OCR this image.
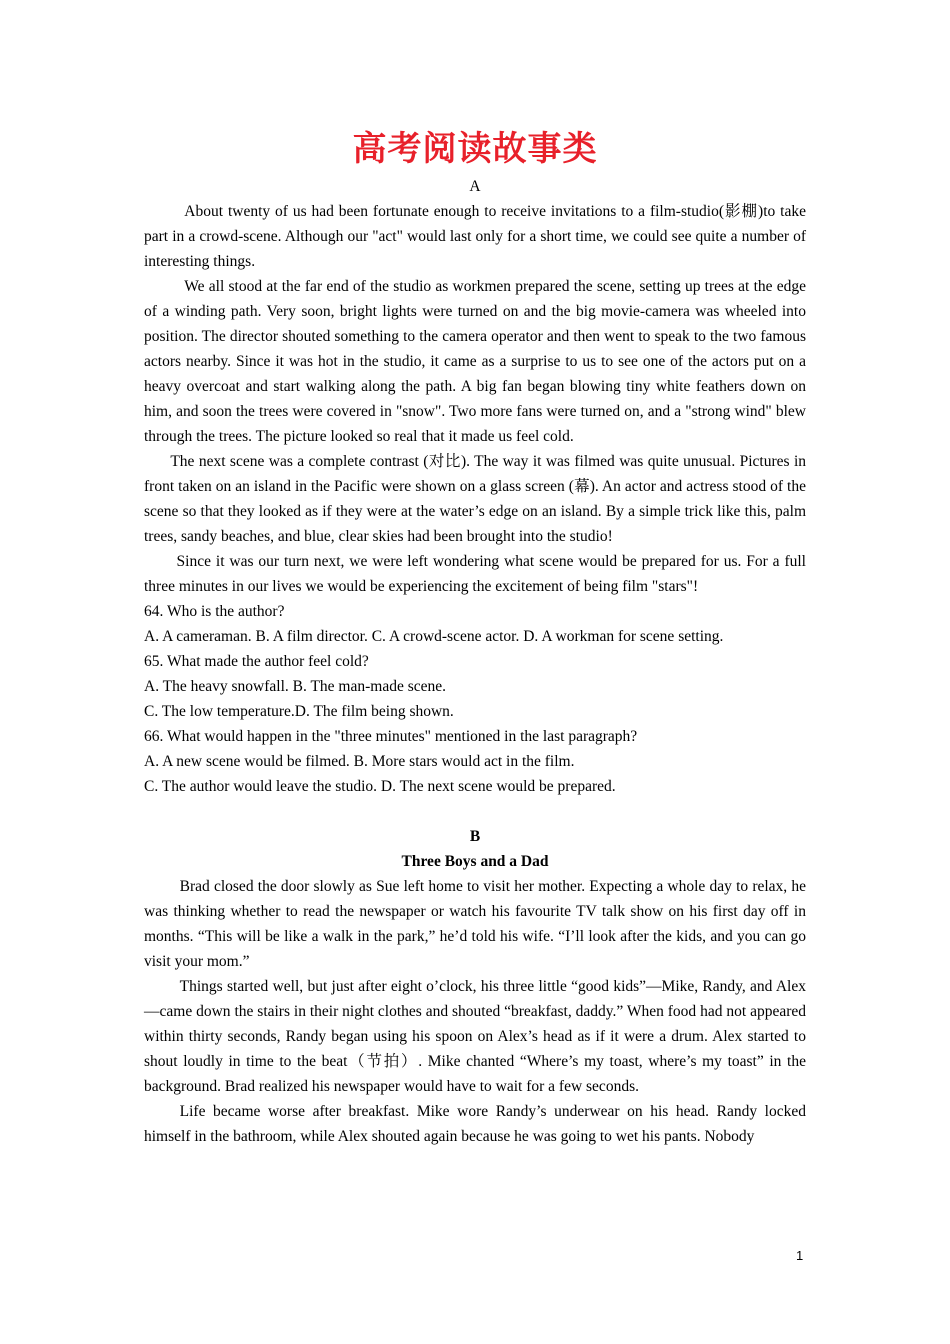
高考阅读故事类

A

About twenty of us had been fortunate enough to receive invitations to a film-studio(影棚)to take part in a crowd-scene. Although our "act" would last only for a short time, we could see quite a number of interesting things.

We all stood at the far end of the studio as workmen prepared the scene, setting up trees at the edge of a winding path. Very soon, bright lights were turned on and the big movie-camera was wheeled into position. The director shouted something to the camera operator and then went to speak to the two famous actors nearby. Since it was hot in the studio, it came as a surprise to us to see one of the actors put on a heavy overcoat and start walking along the path. A big fan began blowing tiny white feathers down on him, and soon the trees were covered in "snow". Two more fans were turned on, and a "strong wind" blew through the trees. The picture looked so real that it made us feel cold.

The next scene was a complete contrast (对比). The way it was filmed was quite unusual. Pictures in front taken on an island in the Pacific were shown on a glass screen (幕). An actor and actress stood of the scene so that they looked as if they were at the water’s edge on an island. By a simple trick like this, palm trees, sandy beaches, and blue, clear skies had been brought into the studio!

Since it was our turn next, we were left wondering what scene would be prepared for us. For a full three minutes in our lives we would be experiencing the excitement of being film "stars"!

64. Who is the author?

A. A cameraman. B. A film director. C. A crowd-scene actor. D. A workman for scene setting.

65. What made the author feel cold?

A. The heavy snowfall. B. The man-made scene.

C. The low temperature.D. The film being shown.

66. What would happen in the "three minutes" mentioned in the last paragraph?

A. A new scene would be filmed. B. More stars would act in the film.

C. The author would leave the studio. D. The next scene would be prepared.

B

Three Boys and a Dad

Brad closed the door slowly as Sue left home to visit her mother. Expecting a whole day to relax, he was thinking whether to read the newspaper or watch his favourite TV talk show on his first day off in months. “This will be like a walk in the park,” he’d told his wife. “I’ll look after the kids, and you can go visit your mom.”

Things started well, but just after eight o’clock, his three little “good kids”—Mike, Randy, and Alex—came down the stairs in their night clothes and shouted “breakfast, daddy.” When food had not appeared within thirty seconds, Randy began using his spoon on Alex’s head as if it were a drum. Alex started to shout loudly in time to the beat（节拍）. Mike chanted “Where’s my toast, where’s my toast” in the background. Brad realized his newspaper would have to wait for a few seconds.

Life became worse after breakfast. Mike wore Randy’s underwear on his head. Randy locked himself in the bathroom, while Alex shouted again because he was going to wet his pants. Nobody

1
